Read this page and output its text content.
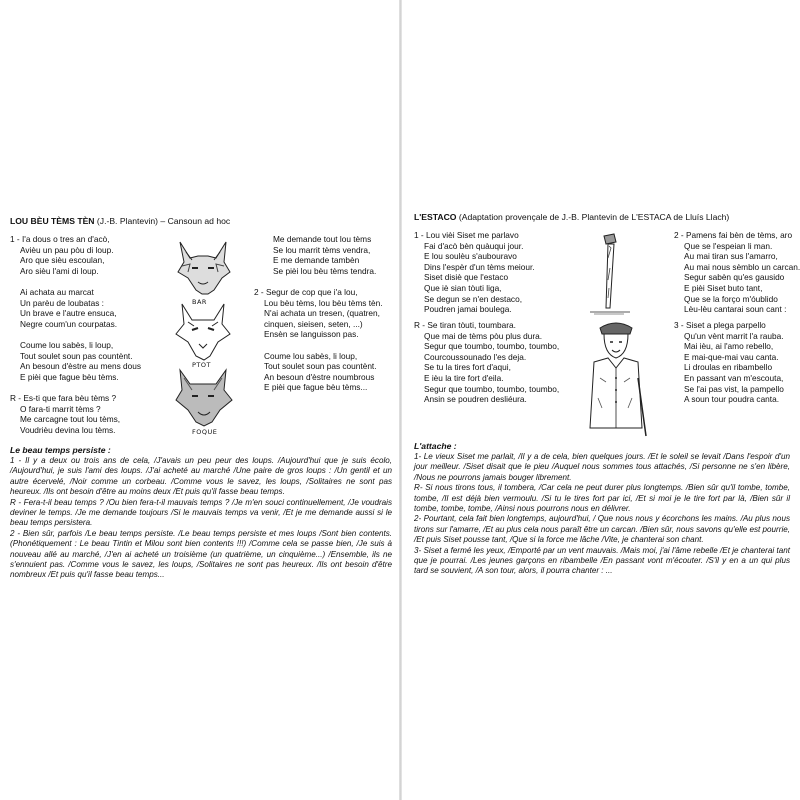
LOU BÈU TÈMS TÈN (J.-B. Plantevin) – Cansoun ad hoc
1 - I'a dous o tres an d'acò,
Avièu un pau pòu di loup.
Aro que sièu escoulan,
Aro sièu l'ami di loup.
Ai achata au marcat
Un parèu de loubatas :
Un brave e l'autre ensuca,
Negre coum'un courpatas.
Coume lou sabès, li loup,
Tout soulet soun pas countènt.
An besoun d'èstre au mens dous
E pièi que fague bèu tèms.
R - Es-ti que fara bèu tèms ?
O fara-ti marrit tèms ?
Me carcagne tout lou tèms,
Voudrièu devina lou tèms.
BAR
PTOT
FOQUE
Me demande tout lou tèms
Se lou marrit tèms vendra,
E me demande tambèn
Se pièi lou bèu tèms tendra.
2 - Segur de cop que i'a lou,
Lou bèu tèms, lou bèu tèms tèn.
N'ai achata un tresen, (quatren,
cinquen, sieisen, seten, ...)
Ensèn se languisson pas.
Coume lou sabès, li loup,
Tout soulet soun pas countènt.
An besoun d'èstre noumbrous
E pièi que fague bèu tèms...
Le beau temps persiste :

1 - Il y a deux ou trois ans de cela, /J'avais un peu peur des loups. /Aujourd'hui que je suis écolo, /Aujourd'hui, je suis l'ami des loups. /J'ai acheté au marché /Une paire de gros loups : /Un gentil et un autre écervelé, /Noir comme un corbeau. /Comme vous le savez, les loups, /Solitaires ne sont pas heureux. /Ils ont besoin d'être au moins deux /Et puis qu'il fasse beau temps.

R - Fera-t-il beau temps ? /Ou bien fera-t-il mauvais temps ? /Je m'en souci continuellement, /Je voudrais deviner le temps. /Je me demande toujours /Si le mauvais temps va venir, /Et je me demande aussi si le beau temps persistera.

2 - Bien sûr, parfois /Le beau temps persiste. /Le beau temps persiste et mes loups /Sont bien contents. (Phonétiquement : Le beau Tintin et Milou sont bien contents !!!) /Comme cela se passe bien, /Je suis à nouveau allé au marché, /J'en ai acheté un troisième (un quatrième, un cinquième...) /Ensemble, ils ne s'ennuient pas. /Comme vous le savez, les loups, /Solitaires ne sont pas heureux. /Ils ont besoin d'être nombreux /Et puis qu'il fasse beau temps...

L'ESTACO (Adaptation provençale de J.-B. Plantevin de L'ESTACA de Lluís Llach)
1 - Lou vièi Siset me parlavo
Fai d'acò bèn quàuqui jour.
E lou soulèu s'aubouravo
Dins l'espèr d'un tèms meiour.
Siset disiè que l'estaco
Que iè sian tòuti liga,
Se degun se n'en destaco,
Poudren jamai boulega.
R - Se tiran tòuti, toumbara.
Que mai de tèms pòu plus dura.
Segur que toumbo, toumbo, toumbo,
Courcoussounado l'es deja.
Se tu la tires fort d'aqui,
E ièu la tire fort d'eila.
Segur que toumbo, toumbo, toumbo,
Ansin se poudren desliéura.
2 - Pamens fai bèn de tèms, aro
Que se l'espeian li man.
Au mai tiran sus l'amarro,
Au mai nous sèmblo un carcan.
Segur sabèn qu'es gausido
E pièi Siset buto tant,
Que se la forço m'óublido
Lèu-lèu cantarai soun cant :
3 - Siset a plega parpello
Qu'un vènt marrit l'a rauba.
Mai ièu, ai l'amo rebello,
E mai-que-mai vau canta.
Li droulas en ribambello
En passant van m'escouta,
Se l'ai pas vist, la pampello
A soun tour poudra canta.
L'attache :

1- Le vieux Siset me parlait, /Il y a de cela, bien quelques jours. /Et le soleil se levait /Dans l'espoir d'un jour meilleur. /Siset disait que le pieu /Auquel nous sommes tous attachés, /Si personne ne s'en libère, /Nous ne pourrons jamais bouger librement.

R- Si nous tirons tous, il tombera, /Car cela ne peut durer plus longtemps. /Bien sûr qu'il tombe, tombe, tombe, /Il est déjà bien vermoulu. /Si tu le tires fort par ici, /Et si moi je le tire fort par là, /Bien sûr il tombe, tombe, tombe, /Ainsi nous pourrons nous en délivrer.

2- Pourtant, cela fait bien longtemps, aujourd'hui, / Que nous nous y écorchons les mains. /Au plus nous tirons sur l'amarre, /Et au plus cela nous paraît être un carcan. /Bien sûr, nous savons qu'elle est pourrie, /Et puis Siset pousse tant, /Que si la force me lâche /Vite, je chanterai son chant.

3- Siset a fermé les yeux, /Emporté par un vent mauvais. /Mais moi, j'ai l'âme rebelle /Et je chanterai tant que je pourrai. /Les jeunes garçons en ribambelle /En passant vont m'écouter. /S'il y en a un qui plus tard se souvient, /A son tour, alors, il pourra chanter : ...
